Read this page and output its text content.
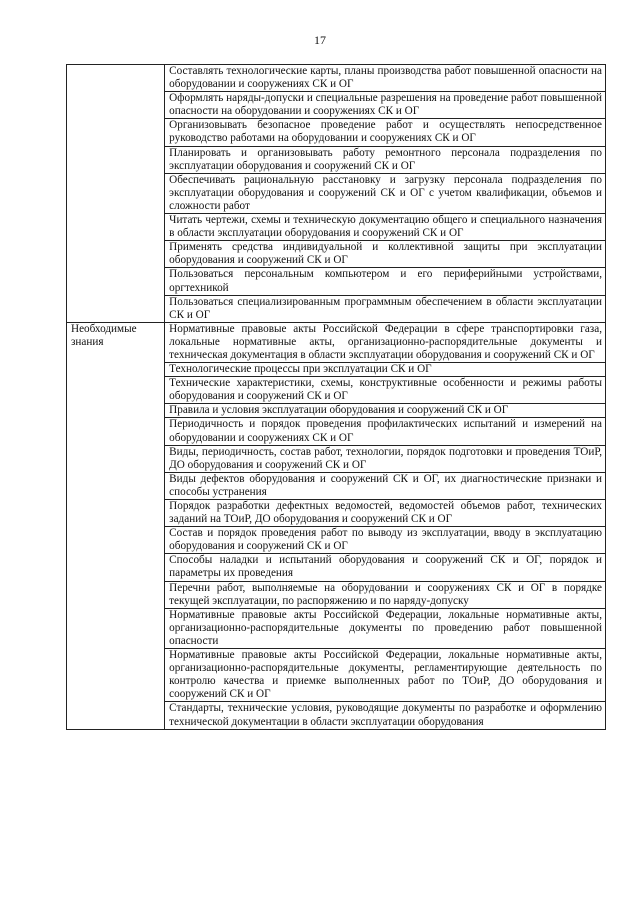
17
	Составлять технологические карты, планы производства работ повышенной опасности на оборудовании и сооружениях СК и ОГ
	Оформлять наряды-допуски и специальные разрешения на проведение работ повышенной опасности на оборудовании и сооружениях СК и ОГ
	Организовывать безопасное проведение работ и осуществлять непосредственное руководство работами на оборудовании и сооружениях СК и ОГ
	Планировать и организовывать работу ремонтного персонала подразделения по эксплуатации оборудования и сооружений СК и ОГ
	Обеспечивать рациональную расстановку и загрузку персонала подразделения по эксплуатации оборудования и сооружений СК и ОГ с учетом квалификации, объемов и сложности работ
	Читать чертежи, схемы и техническую документацию общего и специального назначения в области эксплуатации оборудования и сооружений СК и ОГ
	Применять средства индивидуальной и коллективной защиты при эксплуатации оборудования и сооружений СК и ОГ
	Пользоваться персональным компьютером и его периферийными устройствами, оргтехникой
	Пользоваться специализированным программным обеспечением в области эксплуатации СК и ОГ
Необходимые знания	Нормативные правовые акты Российской Федерации в сфере транспортировки газа, локальные нормативные акты, организационно-распорядительные документы и техническая документация в области эксплуатации оборудования и сооружений СК и ОГ
	Технологические процессы при эксплуатации СК и ОГ
	Технические характеристики, схемы, конструктивные особенности и режимы работы оборудования и сооружений СК и ОГ
	Правила и условия эксплуатации оборудования и сооружений СК и ОГ
	Периодичность и порядок проведения профилактических испытаний и измерений на оборудовании и сооружениях СК и ОГ
	Виды, периодичность, состав работ, технологии, порядок подготовки и проведения ТОиР, ДО оборудования и сооружений СК и ОГ
	Виды дефектов оборудования и сооружений СК и ОГ, их диагностические признаки и способы устранения
	Порядок разработки дефектных ведомостей, ведомостей объемов работ, технических заданий на ТОиР, ДО оборудования и сооружений СК и ОГ
	Состав и порядок проведения работ по выводу из эксплуатации, вводу в эксплуатацию оборудования и сооружений СК и ОГ
	Способы наладки и испытаний оборудования и сооружений СК и ОГ, порядок и параметры их проведения
	Перечни работ, выполняемые на оборудовании и сооружениях СК и ОГ в порядке текущей эксплуатации, по распоряжению и по наряду-допуску
	Нормативные правовые акты Российской Федерации, локальные нормативные акты, организационно-распорядительные документы по проведению работ повышенной опасности
	Нормативные правовые акты Российской Федерации, локальные нормативные акты, организационно-распорядительные документы, регламентирующие деятельность по контролю качества и приемке выполненных работ по ТОиР, ДО оборудования и сооружений СК и ОГ
	Стандарты, технические условия, руководящие документы по разработке и оформлению технической документации в области эксплуатации оборудования
